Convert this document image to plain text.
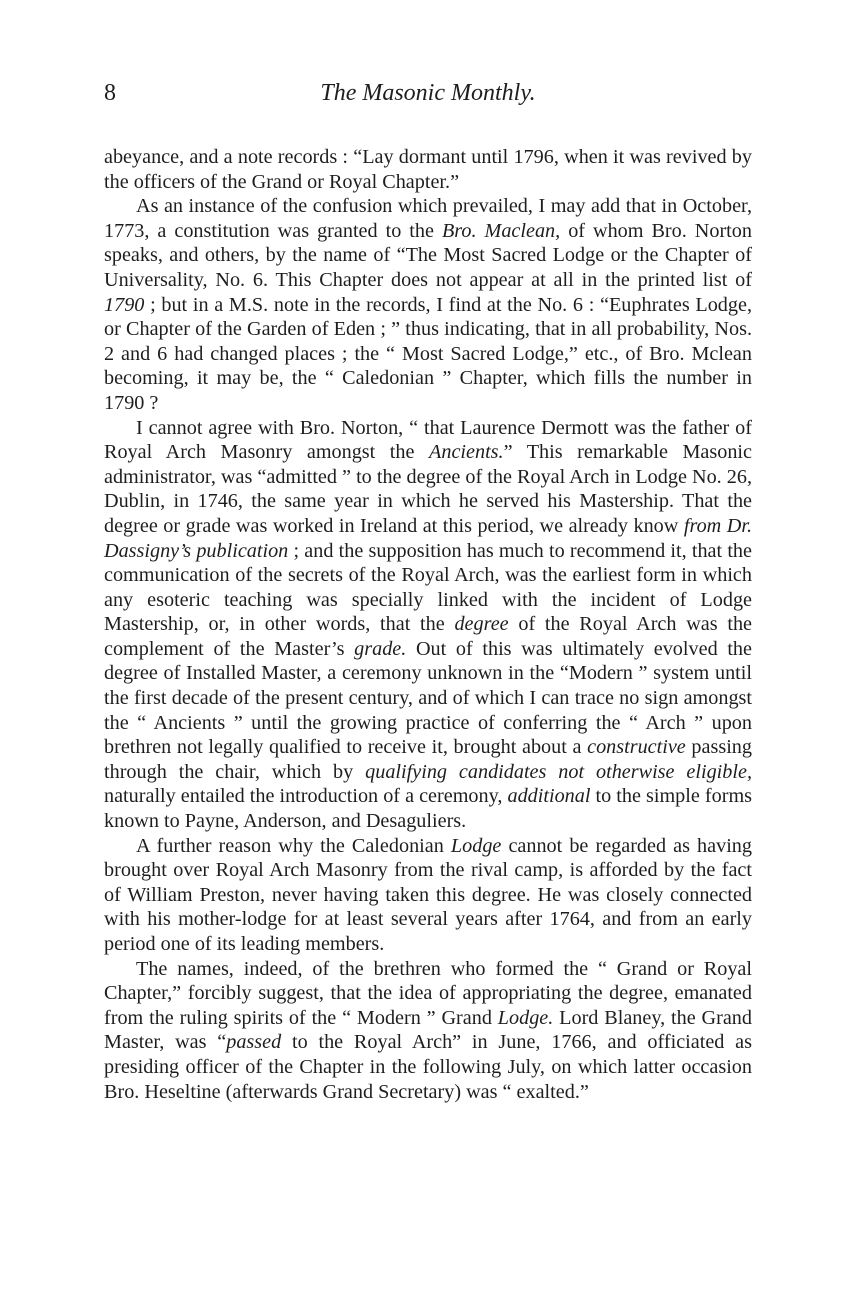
8	The Masonic Monthly.

abeyance, and a note records : “Lay dormant until 1796, when it was revived by the officers of the Grand or Royal Chapter.”

As an instance of the confusion which prevailed, I may add that in October, 1773, a constitution was granted to the Bro. Maclean, of whom Bro. Norton speaks, and others, by the name of “The Most Sacred Lodge or the Chapter of Universality, No. 6. This Chapter does not appear at all in the printed list of 1790 ; but in a M.S. note in the records, I find at the No. 6 : “Euphrates Lodge, or Chapter of the Garden of Eden ; ” thus indicating, that in all probability, Nos. 2 and 6 had changed places ; the “ Most Sacred Lodge,” etc., of Bro. Mclean becoming, it may be, the “ Caledonian ” Chapter, which fills the number in 1790 ?

I cannot agree with Bro. Norton, “ that Laurence Dermott was the father of Royal Arch Masonry amongst the Ancients.” This remarkable Masonic administrator, was “admitted ” to the degree of the Royal Arch in Lodge No. 26, Dublin, in 1746, the same year in which he served his Mastership. That the degree or grade was worked in Ireland at this period, we already know from Dr. Dassigny’s publication ; and the supposition has much to recommend it, that the communication of the secrets of the Royal Arch, was the earliest form in which any esoteric teaching was specially linked with the incident of Lodge Mastership, or, in other words, that the degree of the Royal Arch was the complement of the Master’s grade. Out of this was ultimately evolved the degree of Installed Master, a ceremony unknown in the “Modern ” system until the first decade of the present century, and of which I can trace no sign amongst the “ Ancients ” until the growing practice of conferring the “ Arch ” upon brethren not legally qualified to receive it, brought about a constructive passing through the chair, which by qualifying candidates not otherwise eligible, naturally entailed the introduction of a ceremony, additional to the simple forms known to Payne, Anderson, and Desaguliers.

A further reason why the Caledonian Lodge cannot be regarded as having brought over Royal Arch Masonry from the rival camp, is afforded by the fact of William Preston, never having taken this degree. He was closely connected with his mother-lodge for at least several years after 1764, and from an early period one of its leading members.

The names, indeed, of the brethren who formed the “ Grand or Royal Chapter,” forcibly suggest, that the idea of appropriating the degree, emanated from the ruling spirits of the “ Modern ” Grand Lodge. Lord Blaney, the Grand Master, was “passed to the Royal Arch” in June, 1766, and officiated as presiding officer of the Chapter in the following July, on which latter occasion Bro. Heseltine (afterwards Grand Secretary) was “ exalted.”
